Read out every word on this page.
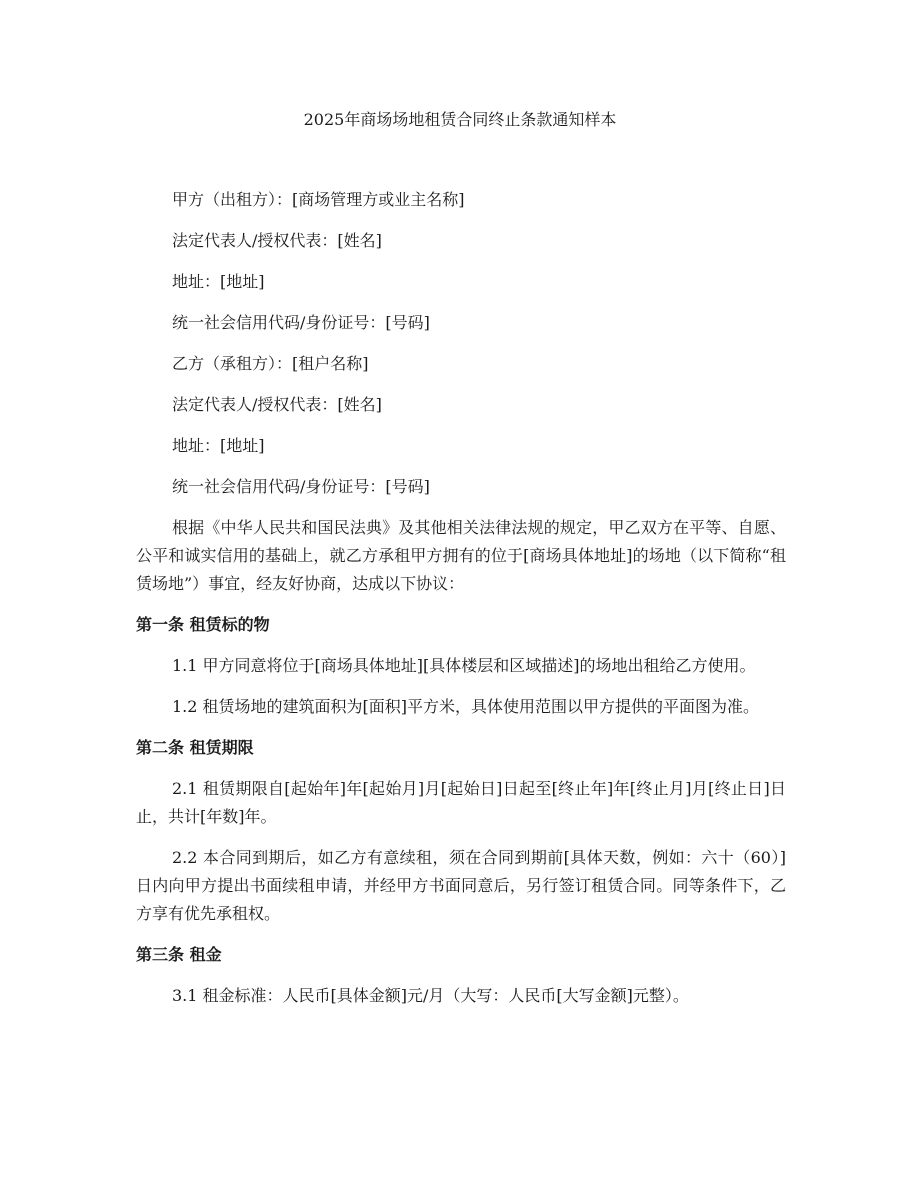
2025年商场场地租赁合同终止条款通知样本

甲方（出租方）：[商场管理方或业主名称]

法定代表人/授权代表：[姓名]

地址：[地址]

统一社会信用代码/身份证号：[号码]

乙方（承租方）：[租户名称]

法定代表人/授权代表：[姓名]

地址：[地址]

统一社会信用代码/身份证号：[号码]

根据《中华人民共和国民法典》及其他相关法律法规的规定，甲乙双方在平等、自愿、公平和诚实信用的基础上，就乙方承租甲方拥有的位于[商场具体地址]的场地（以下简称“租赁场地”）事宜，经友好协商，达成以下协议：

第一条 租赁标的物

1.1 甲方同意将位于[商场具体地址][具体楼层和区域描述]的场地出租给乙方使用。

1.2 租赁场地的建筑面积为[面积]平方米，具体使用范围以甲方提供的平面图为准。

第二条 租赁期限

2.1 租赁期限自[起始年]年[起始月]月[起始日]日起至[终止年]年[终止月]月[终止日]日止，共计[年数]年。

2.2 本合同到期后，如乙方有意续租，须在合同到期前[具体天数，例如：六十（60）]日内向甲方提出书面续租申请，并经甲方书面同意后，另行签订租赁合同。同等条件下，乙方享有优先承租权。

第三条 租金

3.1 租金标准：人民币[具体金额]元/月（大写：人民币[大写金额]元整）。
